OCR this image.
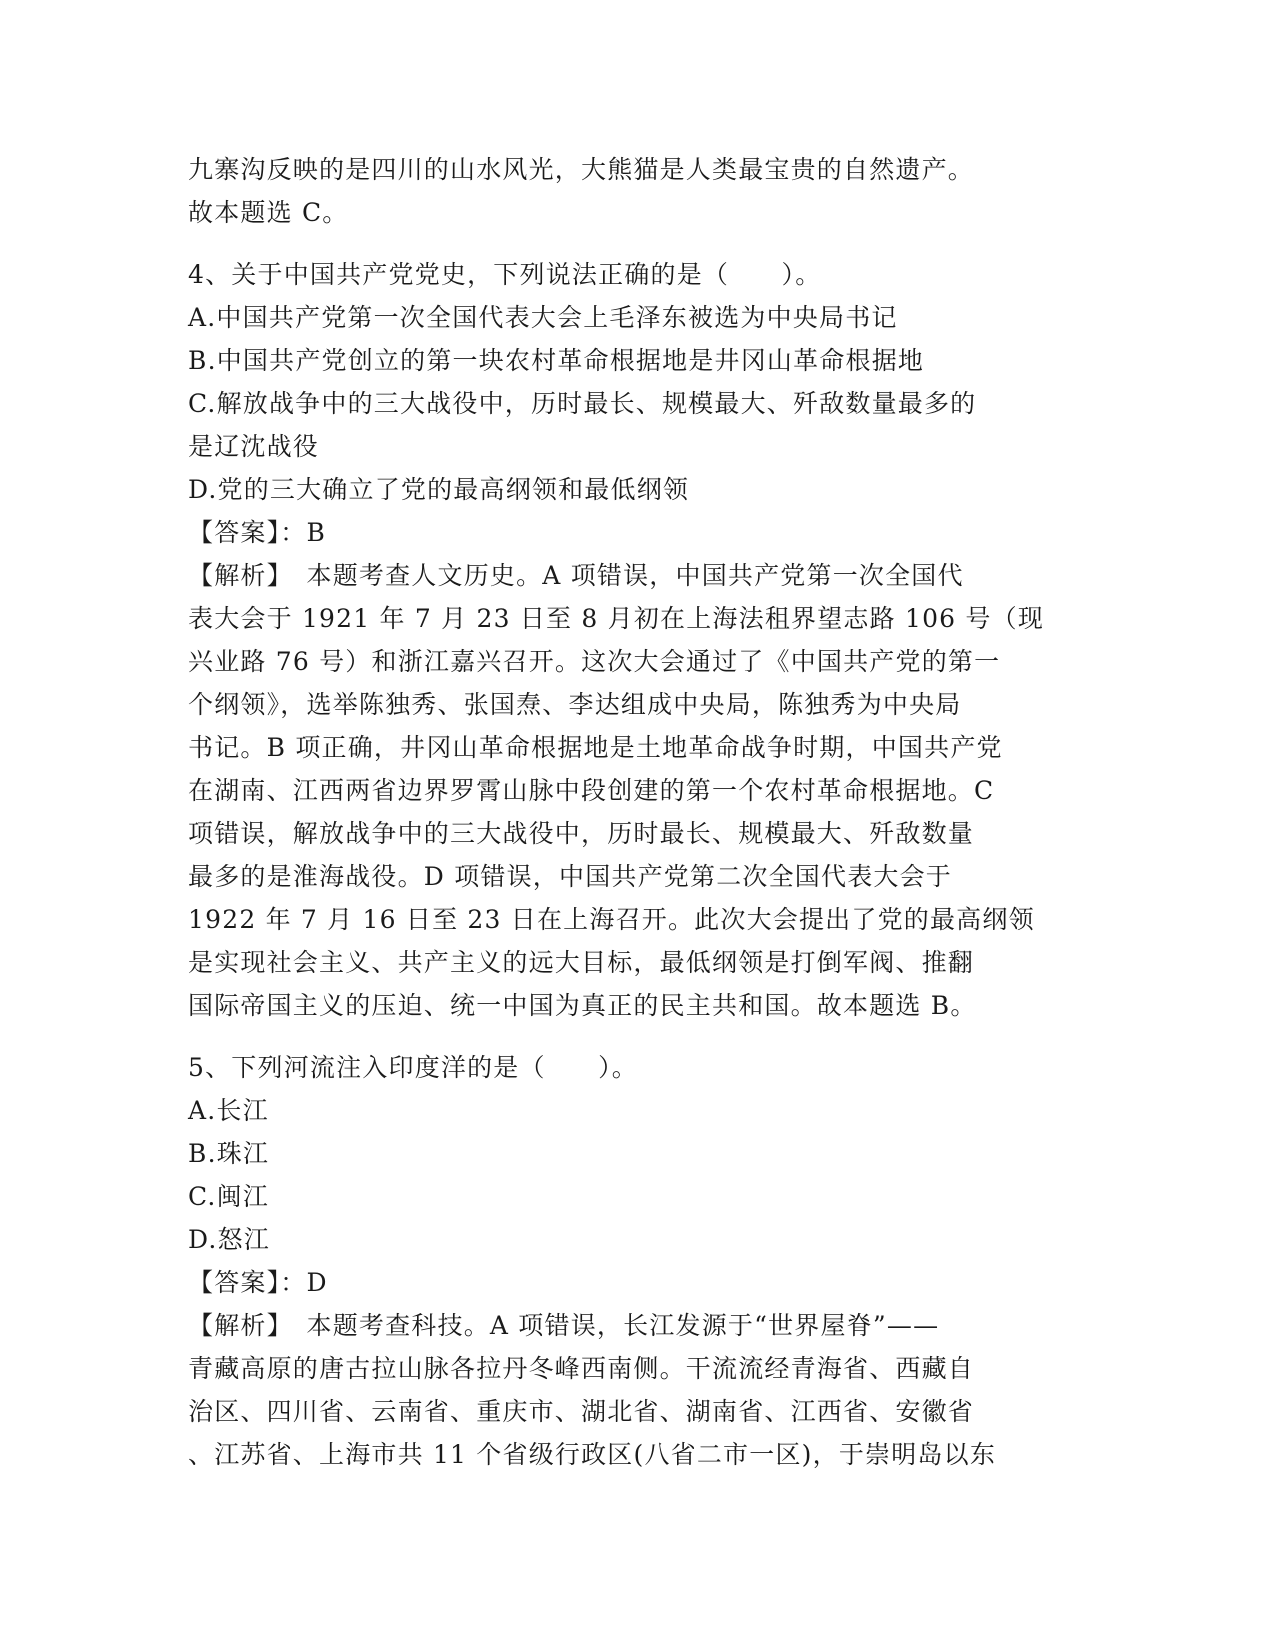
九寨沟反映的是四川的山水风光，大熊猫是人类最宝贵的自然遗产。
故本题选 C。
4、关于中国共产党党史，下列说法正确的是（　　）。
A.中国共产党第一次全国代表大会上毛泽东被选为中央局书记
B.中国共产党创立的第一块农村革命根据地是井冈山革命根据地
C.解放战争中的三大战役中，历时最长、规模最大、歼敌数量最多的
是辽沈战役
D.党的三大确立了党的最高纲领和最低纲领
【答案】：B
【解析】　本题考查人文历史。A 项错误，中国共产党第一次全国代
表大会于 1921 年 7 月 23 日至 8 月初在上海法租界望志路 106 号（现
兴业路 76 号）和浙江嘉兴召开。这次大会通过了《中国共产党的第一
个纲领》，选举陈独秀、张国焘、李达组成中央局，陈独秀为中央局
书记。B 项正确，井冈山革命根据地是土地革命战争时期，中国共产党
在湖南、江西两省边界罗霄山脉中段创建的第一个农村革命根据地。C
项错误，解放战争中的三大战役中，历时最长、规模最大、歼敌数量
最多的是淮海战役。D 项错误，中国共产党第二次全国代表大会于
1922 年 7 月 16 日至 23 日在上海召开。此次大会提出了党的最高纲领
是实现社会主义、共产主义的远大目标，最低纲领是打倒军阀、推翻
国际帝国主义的压迫、统一中国为真正的民主共和国。故本题选 B。
5、下列河流注入印度洋的是（　　）。
A.长江
B.珠江
C.闽江
D.怒江
【答案】：D
【解析】　本题考查科技。A 项错误，长江发源于“世界屋脊”——
青藏高原的唐古拉山脉各拉丹冬峰西南侧。干流流经青海省、西藏自
治区、四川省、云南省、重庆市、湖北省、湖南省、江西省、安徽省
、江苏省、上海市共 11 个省级行政区(八省二市一区)，于崇明岛以东
